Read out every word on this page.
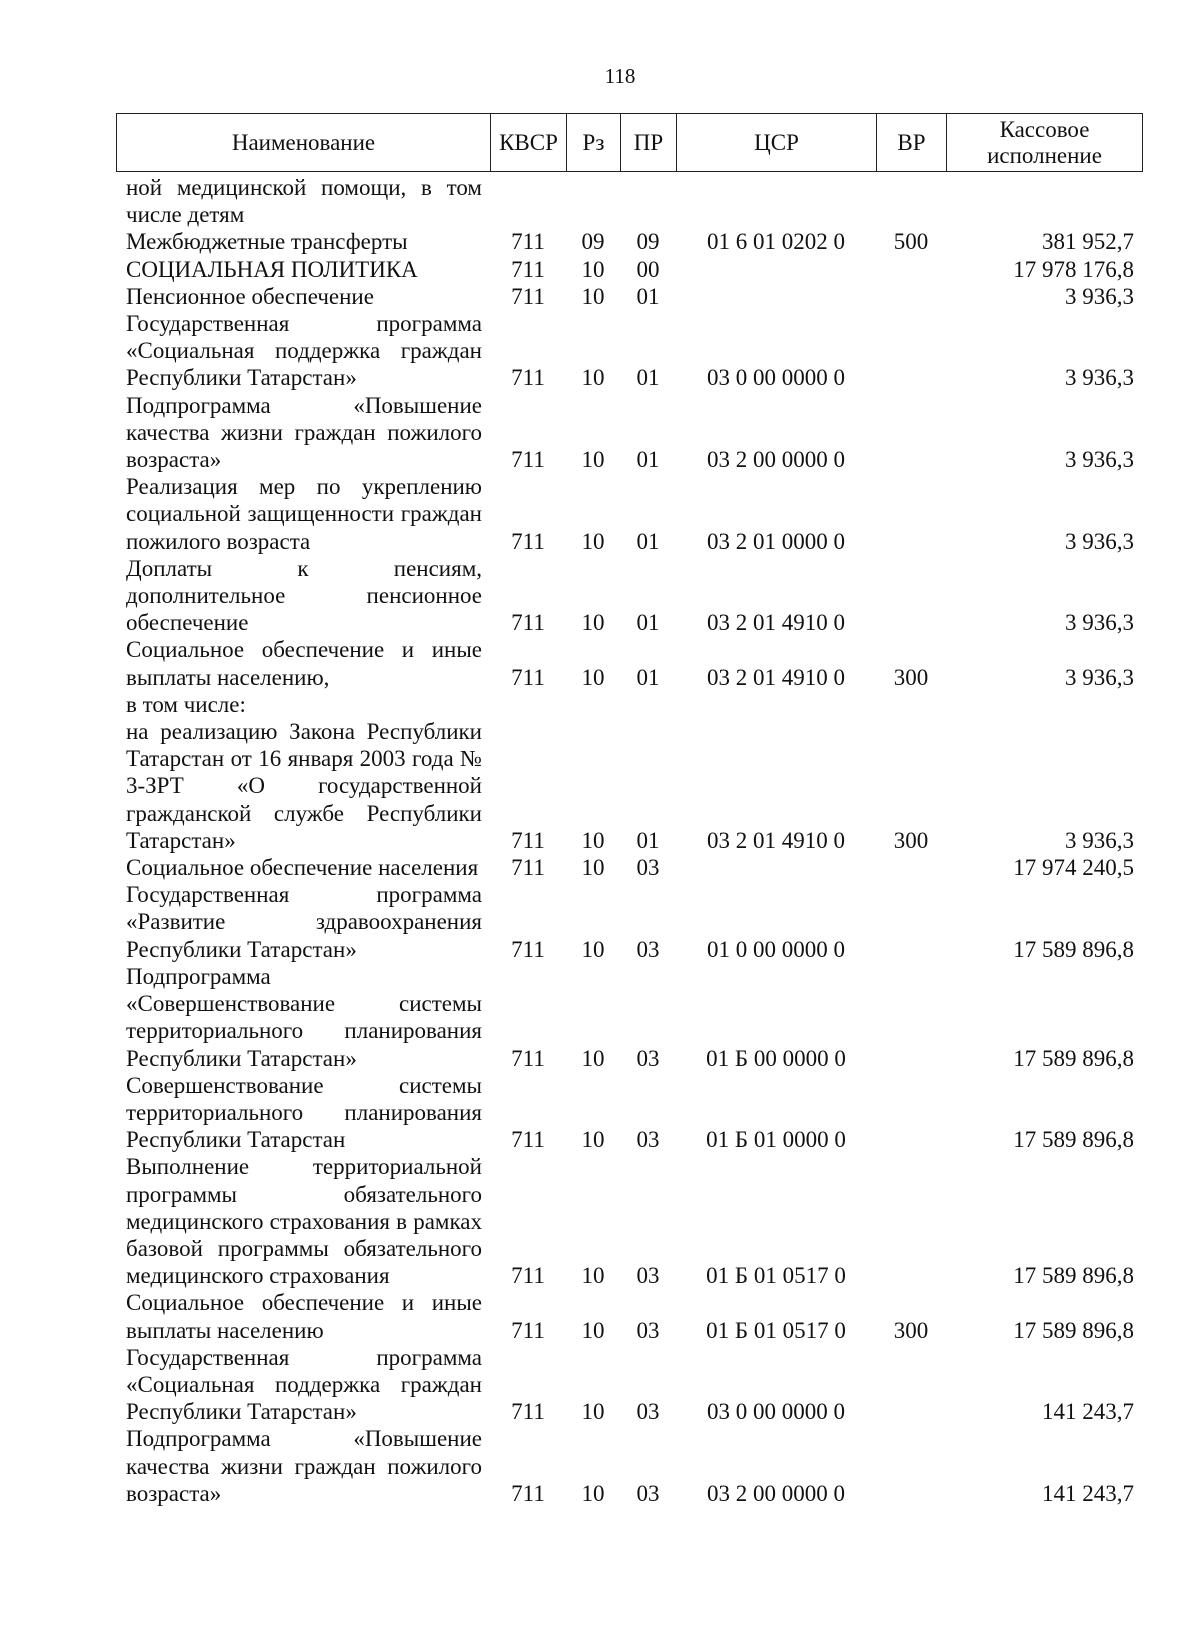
118
Наименование	КВСР	Рз	ПР	ЦСР	ВР	Кассовое
исполнение
ной медицинской помощи, в том числе детям						
Межбюджетные трансферты	711	09	09	01 6 01 0202 0	500	381 952,7
СОЦИАЛЬНАЯ ПОЛИТИКА	711	10	00			17 978 176,8
Пенсионное обеспечение	711	10	01			3 936,3
Государственная программа «Социальная поддержка граждан Республики Татарстан»	711	10	01	03 0 00 0000 0		3 936,3
Подпрограмма «Повышение качества жизни граждан пожилого возраста»	711	10	01	03 2 00 0000 0		3 936,3
Реализация мер по укреплению социальной защищенности граждан пожилого возраста	711	10	01	03 2 01 0000 0		3 936,3
Доплаты к пенсиям, дополнительное пенсионное обеспечение	711	10	01	03 2 01 4910 0		3 936,3
Социальное обеспечение и иные выплаты населению,	711	10	01	03 2 01 4910 0	300	3 936,3
в том числе:						
на реализацию Закона Республики Татарстан от 16 января 2003 года № 3-ЗРТ «О государственной гражданской службе Республики Татарстан»	711	10	01	03 2 01 4910 0	300	3 936,3
Социальное обеспечение населения	711	10	03			17 974 240,5
Государственная программа «Развитие здравоохранения Республики Татарстан»	711	10	03	01 0 00 0000 0		17 589 896,8
Подпрограмма «Совершенствование системы территориального планирования Республики Татарстан»	711	10	03	01 Б 00 0000 0		17 589 896,8
Совершенствование системы территориального планирования Республики Татарстан	711	10	03	01 Б 01 0000 0		17 589 896,8
Выполнение территориальной программы обязательного медицинского страхования в рамках базовой программы обязательного медицинского страхования	711	10	03	01 Б 01 0517 0		17 589 896,8
Социальное обеспечение и иные выплаты населению	711	10	03	01 Б 01 0517 0	300	17 589 896,8
Государственная программа «Социальная поддержка граждан Республики Татарстан»	711	10	03	03 0 00 0000 0		141 243,7
Подпрограмма «Повышение качества жизни граждан пожилого возраста»	711	10	03	03 2 00 0000 0		141 243,7
